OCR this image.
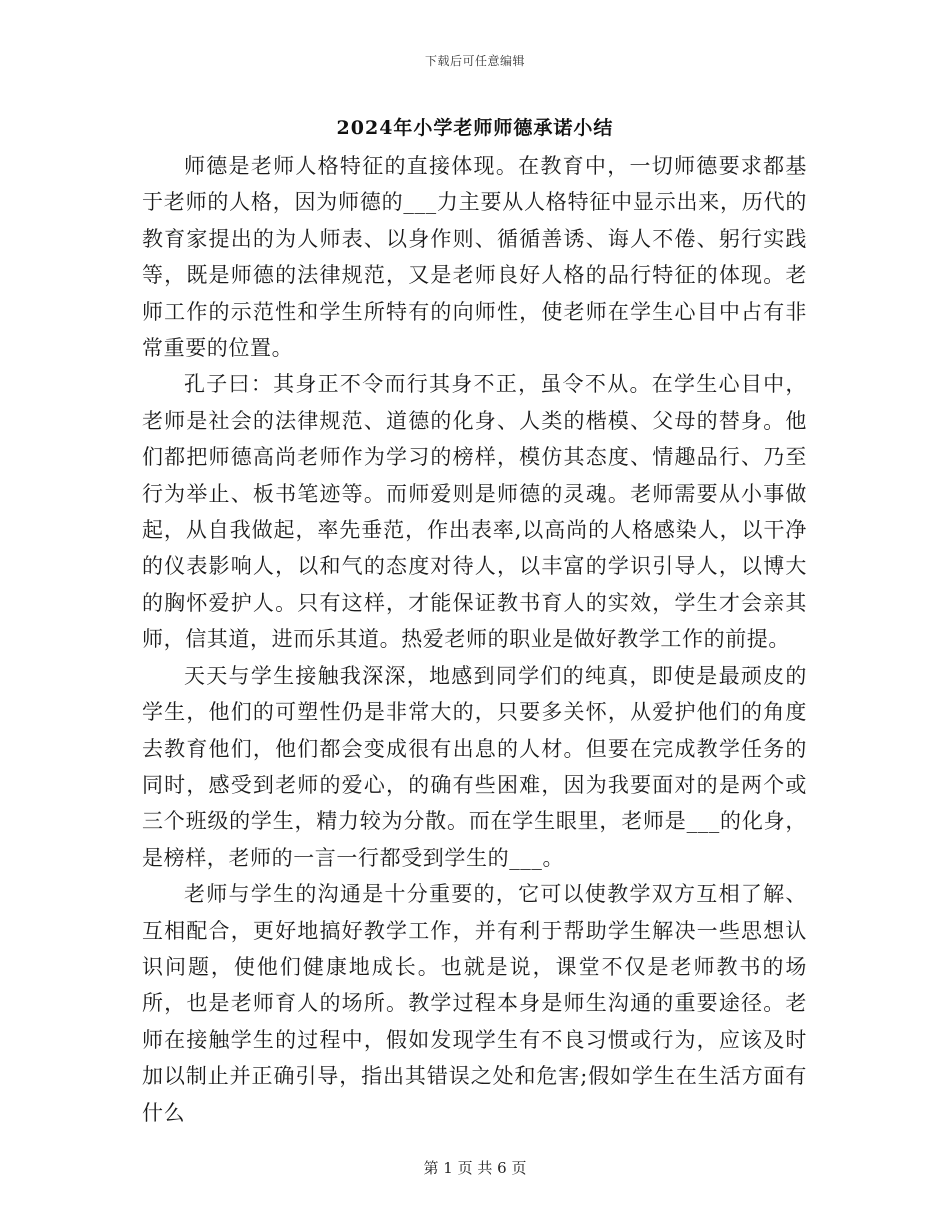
下载后可任意编辑
2024年小学老师师德承诺小结

师德是老师人格特征的直接体现。在教育中，一切师德要求都基于老师的人格，因为师德的___力主要从人格特征中显示出来，历代的教育家提出的为人师表、以身作则、循循善诱、诲人不倦、躬行实践等，既是师德的法律规范，又是老师良好人格的品行特征的体现。老师工作的示范性和学生所特有的向师性，使老师在学生心目中占有非常重要的位置。

孔子曰：其身正不令而行其身不正，虽令不从。在学生心目中，老师是社会的法律规范、道德的化身、人类的楷模、父母的替身。他们都把师德高尚老师作为学习的榜样，模仿其态度、情趣品行、乃至行为举止、板书笔迹等。而师爱则是师德的灵魂。老师需要从小事做起，从自我做起，率先垂范，作出表率,以高尚的人格感染人，以干净的仪表影响人，以和气的态度对待人，以丰富的学识引导人，以博大的胸怀爱护人。只有这样，才能保证教书育人的实效，学生才会亲其师，信其道，进而乐其道。热爱老师的职业是做好教学工作的前提。

天天与学生接触我深深，地感到同学们的纯真，即使是最顽皮的学生，他们的可塑性仍是非常大的，只要多关怀，从爱护他们的角度去教育他们，他们都会变成很有出息的人材。但要在完成教学任务的同时，感受到老师的爱心，的确有些困难，因为我要面对的是两个或三个班级的学生，精力较为分散。而在学生眼里，老师是___的化身，是榜样，老师的一言一行都受到学生的___。

老师与学生的沟通是十分重要的，它可以使教学双方互相了解、互相配合，更好地搞好教学工作，并有利于帮助学生解决一些思想认识问题，使他们健康地成长。也就是说，课堂不仅是老师教书的场所，也是老师育人的场所。教学过程本身是师生沟通的重要途径。老师在接触学生的过程中，假如发现学生有不良习惯或行为，应该及时加以制止并正确引导，指出其错误之处和危害;假如学生在生活方面有什么

第 1 页 共 6 页
